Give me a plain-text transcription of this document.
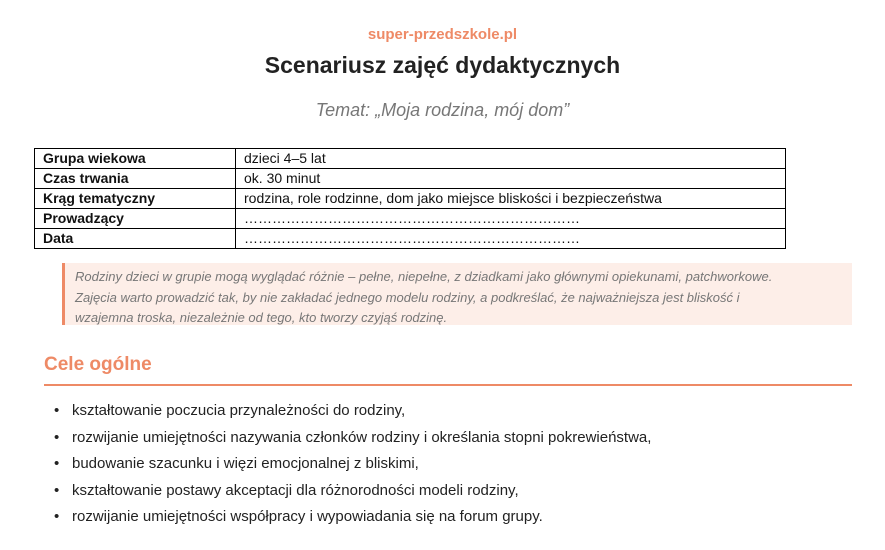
super-przedszkole.pl
Scenariusz zajęć dydaktycznych
Temat: „Moja rodzina, mój dom”
Grupa wiekowa	dzieci 4–5 lat
Czas trwania	ok. 30 minut
Krąg tematyczny	rodzina, role rodzinne, dom jako miejsce bliskości i bezpieczeństwa
Prowadzący	………………………………………………………………
Data	………………………………………………………………
Rodziny dzieci w grupie mogą wyglądać różnie – pełne, niepełne, z dziadkami jako głównymi opiekunami, patchworkowe.
Zajęcia warto prowadzić tak, by nie zakładać jednego modelu rodziny, a podkreślać, że najważniejsza jest bliskość i
wzajemna troska, niezależnie od tego, kto tworzy czyjąś rodzinę.
Cele ogólne
• kształtowanie poczucia przynależności do rodziny,
• rozwijanie umiejętności nazywania członków rodziny i określania stopni pokrewieństwa,
• budowanie szacunku i więzi emocjonalnej z bliskimi,
• kształtowanie postawy akceptacji dla różnorodności modeli rodziny,
• rozwijanie umiejętności współpracy i wypowiadania się na forum grupy.
